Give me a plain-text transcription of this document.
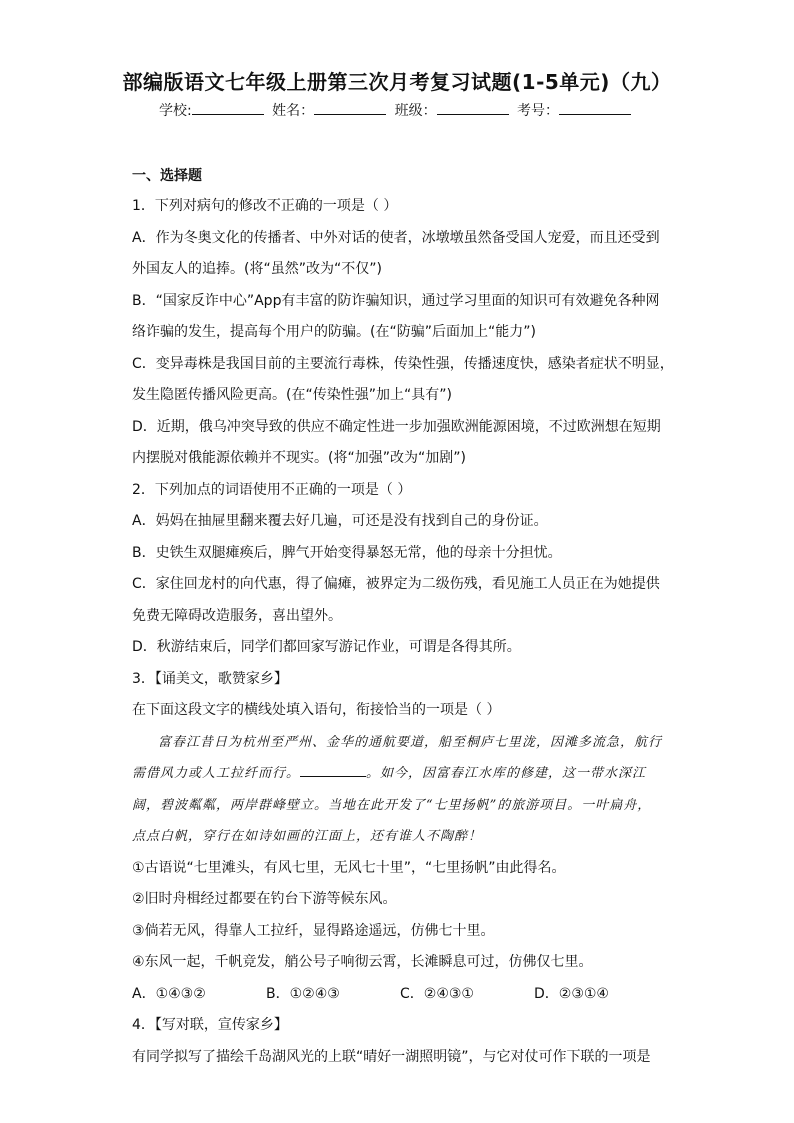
部编版语文七年级上册第三次月考复习试题(1-5单元)（九）
学校:	姓名：	班级：	考号：
一、选择题
1．下列对病句的修改不正确的一项是（ ）
A．作为冬奥文化的传播者、中外对话的使者，冰墩墩虽然备受国人宠爱，而且还受到
外国友人的追捧。(将“虽然”改为“不仅”)
B．“国家反诈中心”App有丰富的防诈骗知识，通过学习里面的知识可有效避免各种网
络诈骗的发生，提高每个用户的防骗。(在“防骗”后面加上“能力”)
C．变异毒株是我国目前的主要流行毒株，传染性强，传播速度快，感染者症状不明显，
发生隐匿传播风险更高。(在“传染性强”加上“具有”)
D．近期，俄乌冲突导致的供应不确定性进一步加强欧洲能源困境，不过欧洲想在短期
内摆脱对俄能源依赖并不现实。(将“加强”改为“加剧”)
2．下列加点的词语使用不正确的一项是（ ）
A．妈妈在抽屉里翻来覆去好几遍，可还是没有找到自己的身份证。
B．史铁生双腿瘫痪后，脾气开始变得暴怒无常，他的母亲十分担忧。
C．家住回龙村的向代惠，得了偏瘫，被界定为二级伤残，看见施工人员正在为她提供
免费无障碍改造服务，喜出望外。
D．秋游结束后，同学们都回家写游记作业，可谓是各得其所。
3．【诵美文，歌赞家乡】
在下面这段文字的横线处填入语句，衔接恰当的一项是（ ）
富春江昔日为杭州至严州、金华的通航要道，船至桐庐七里泷，因滩多流急，航行
需借风力或人工拉纤而行。	。如今，因富春江水库的修建，这一带水深江
阔，碧波粼粼，两岸群峰壁立。当地在此开发了“七里扬帆”的旅游项目。一叶扁舟，
点点白帆，穿行在如诗如画的江面上，还有谁人不陶醉！
①古语说“七里滩头，有风七里，无风七十里”，“七里扬帆”由此得名。
②旧时舟楫经过都要在钓台下游等候东风。
③倘若无风，得靠人工拉纤，显得路途遥远，仿佛七十里。
④东风一起，千帆竞发，艄公号子响彻云霄，长滩瞬息可过，仿佛仅七里。
A．①④③②	B．①②④③	C．②④③①	D．②③①④
4．【写对联，宣传家乡】
有同学拟写了描绘千岛湖风光的上联“晴好一湖照明镜”，与它对仗可作下联的一项是
